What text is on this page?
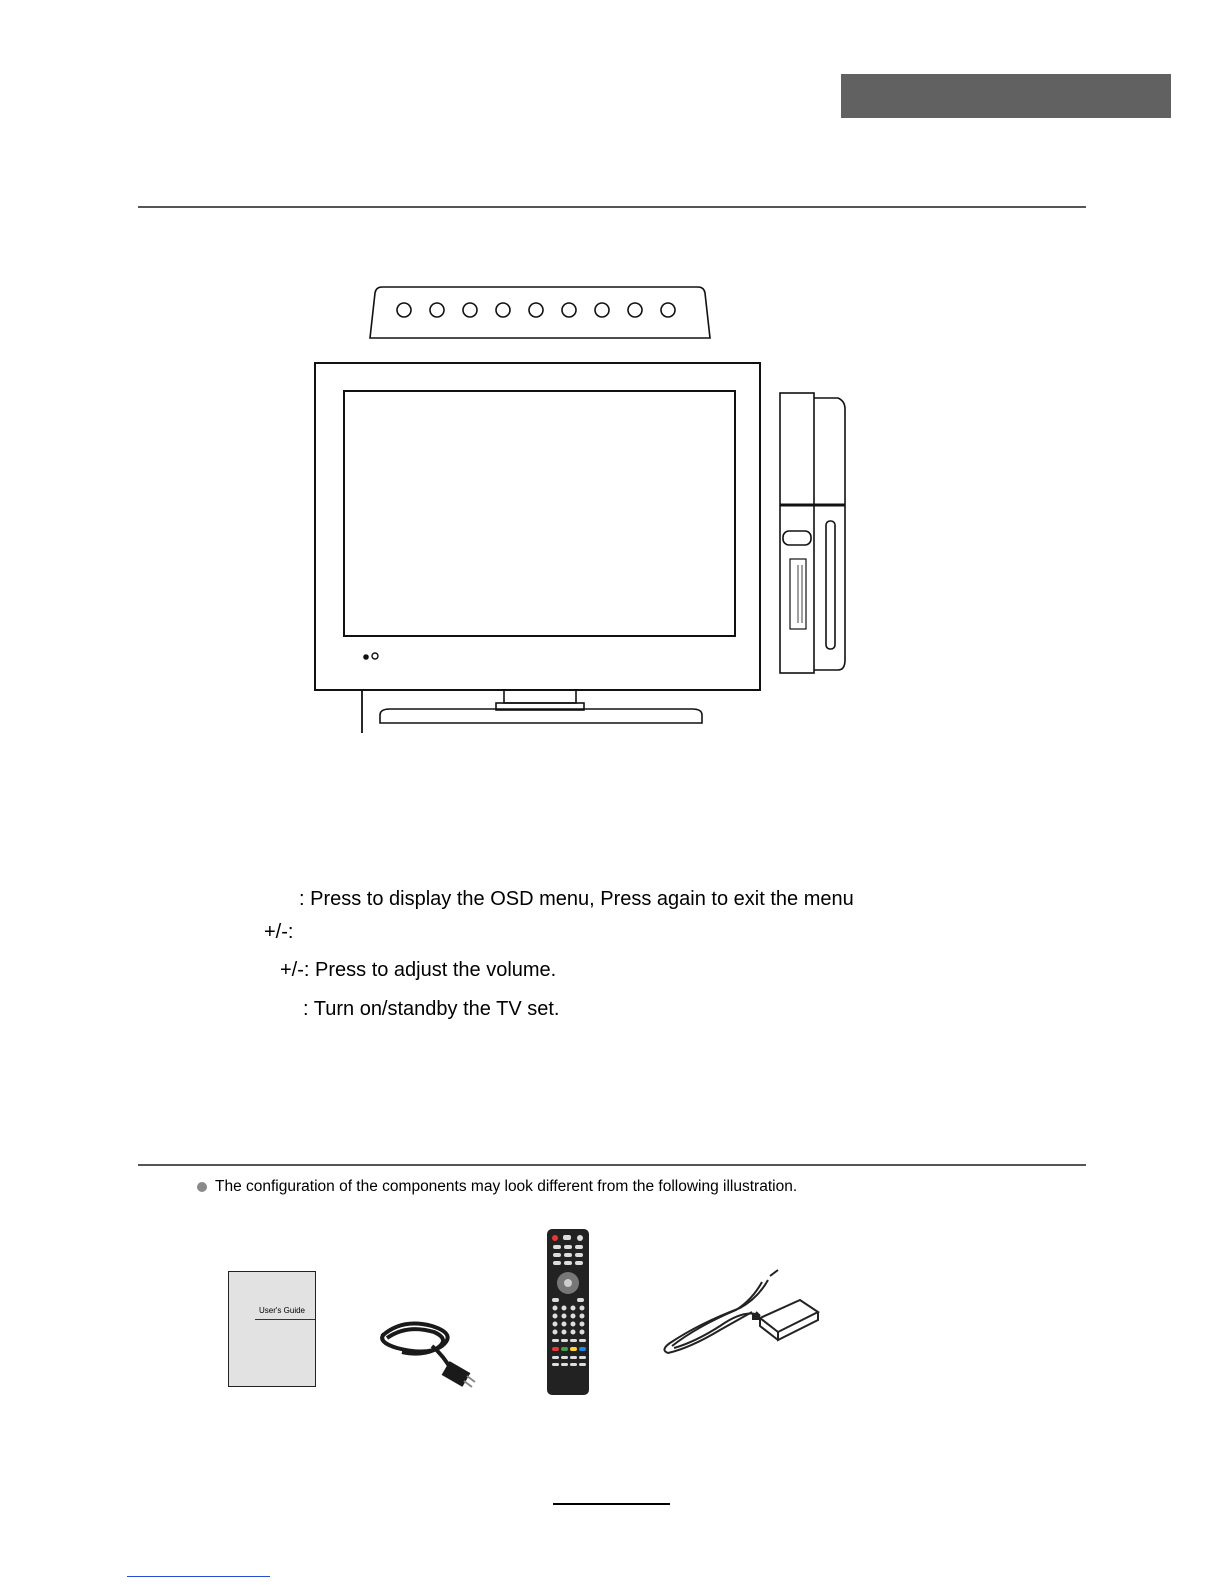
: Press to display the OSD menu, Press again to exit the menu
+/-:
+/-: Press to adjust the volume.
: Turn on/standby the TV set.
The configuration of the components may look different from the following illustration.
User's Guide
